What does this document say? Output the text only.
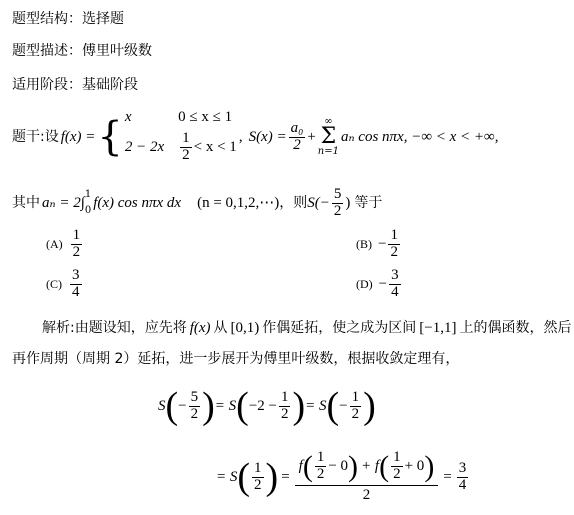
题型结构：选择题
题型描述：傅里叶级数
适用阶段：基础阶段
题干:设 f(x) = { x	0 ≤ x ≤ 1
$2 - 2x \frac{1}{2} < x < 1$
, $S(x) = \frac{\text{a₀}}{2}$ +
∞
Σ
n=1
aₙ cos nπx, −∞ < x < +∞,
其中 aₙ = 2∫ 1
0 f(x) cos nπx dx (n = 0,1,2,⋯) ，则 $S(- \frac{5}{2}$ ) 等于
$(A) \frac{1}{2}$	$(B) - \frac{1}{2}$
$(C) \frac{3}{4}$	$(D) - \frac{3}{4}$
解析:由题设知，应先将 f(x) 从 [0,1) 作偶延拓，使之成为区间 [−1,1] 上的偶函数，然后
再作周期（周期 2）延拓，进一步展开为傅里叶级数，根据收敛定理有，
S ( − $\frac{5}{2}$ ) = S ( $-2 - \frac{1}{2}$ ) = S ( − $\frac{1}{2}$ )
= S ( $\frac{1}{2}$ ) =
f ( $\frac{1}{2} - 0$ ) + f ( $\frac{1}{2} + 0$ )
2
= $\frac{3}{4}$
